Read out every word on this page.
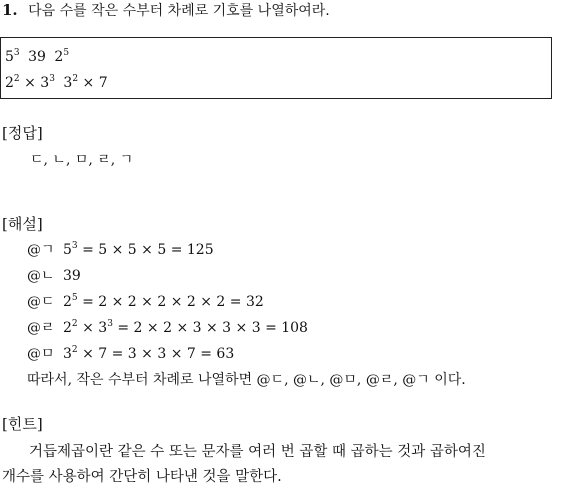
1. 다음 수를 작은 수부터 차례로 기호를 나열하여라.
$5^3$ 39 $2^5$
$2^2 \times 3^3$ $3^2 \times 7$
[정답]
ㄷ, ㄴ, ㅁ, ㄹ, ㄱ
[해설]
@ㄱ $5^3 = 5 \times 5 \times 5 = 125$
@ㄴ 39
@ㄷ $2^5 = 2 \times 2 \times 2 \times 2 \times 2 = 32$
@ㄹ $2^2 \times 3^3 = 2 \times 2 \times 3 \times 3 \times 3 = 108$
@ㅁ $3^2 \times 7 = 3 \times 3 \times 7 = 63$
따라서, 작은 수부터 차례로 나열하면 @ㄷ, @ㄴ, @ㅁ, @ㄹ, @ㄱ 이다.
[힌트]
거듭제곱이란 같은 수 또는 문자를 여러 번 곱할 때 곱하는 것과 곱하여진
개수를 사용하여 간단히 나타낸 것을 말한다.
